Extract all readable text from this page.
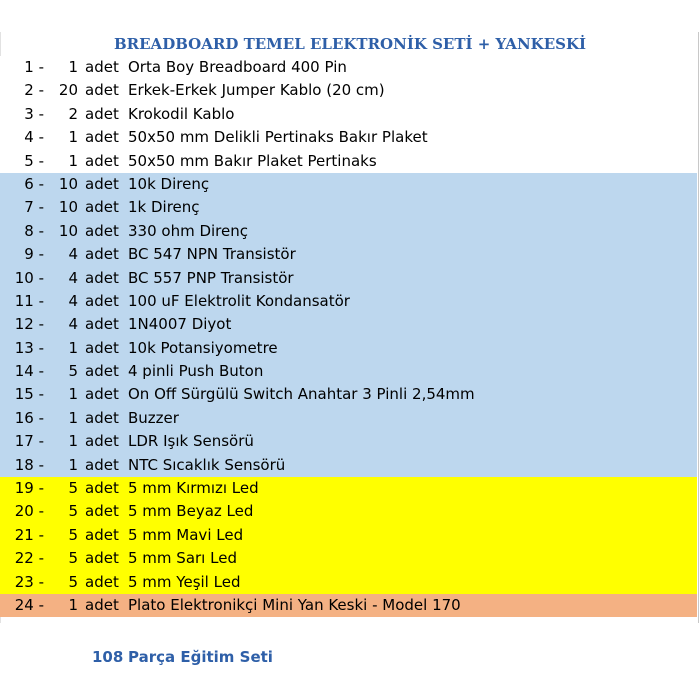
BREADBOARD TEMEL ELEKTRONİK SETİ + YANKESKİ
1 -	1 adet Orta Boy Breadboard 400 Pin
2 - 20 adet Erkek-Erkek Jumper Kablo (20 cm)
3 -	2 adet Krokodil Kablo
4 -	1 adet 50x50 mm Delikli Pertinaks Bakır Plaket
5 -	1 adet 50x50 mm Bakır Plaket Pertinaks
6 - 10 adet 10k Direnç
7 - 10 adet 1k Direnç
8 - 10 adet 330 ohm Direnç
9 -	4 adet BC 547 NPN Transistör
10 -	4 adet BC 557 PNP Transistör
11 -	4 adet 100 uF Elektrolit Kondansatör
12 -	4 adet 1N4007 Diyot
13 -	1 adet 10k Potansiyometre
14 -	5 adet 4 pinli Push Buton
15 -	1 adet On Off Sürgülü Switch Anahtar 3 Pinli 2,54mm
16 -	1 adet Buzzer
17 -	1 adet LDR Işık Sensörü
18 -	1 adet NTC Sıcaklık Sensörü
19 -	5 adet 5 mm Kırmızı Led
20 -	5 adet 5 mm Beyaz Led
21 -	5 adet 5 mm Mavi Led
22 -	5 adet 5 mm Sarı Led
23 -	5 adet 5 mm Yeşil Led
24 -	1 adet Plato Elektronikçi Mini Yan Keski - Model 170
108 Parça Eğitim Seti
